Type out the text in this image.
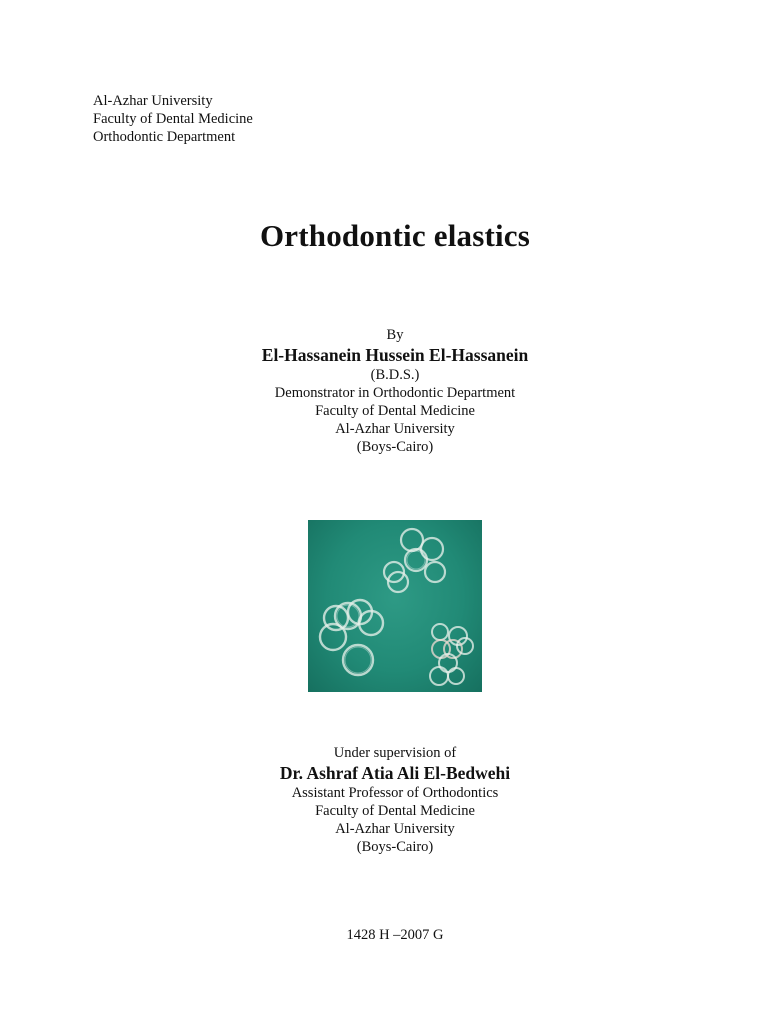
Al-Azhar University
Faculty of Dental Medicine
Orthodontic Department
Orthodontic elastics
By
El-Hassanein Hussein El-Hassanein
(B.D.S.)
Demonstrator in Orthodontic Department
Faculty of Dental Medicine
Al-Azhar University
(Boys-Cairo)
Under supervision of
Dr. Ashraf Atia Ali El-Bedwehi
Assistant Professor of Orthodontics
Faculty of Dental Medicine
Al-Azhar University
(Boys-Cairo)
1428 H –2007 G
